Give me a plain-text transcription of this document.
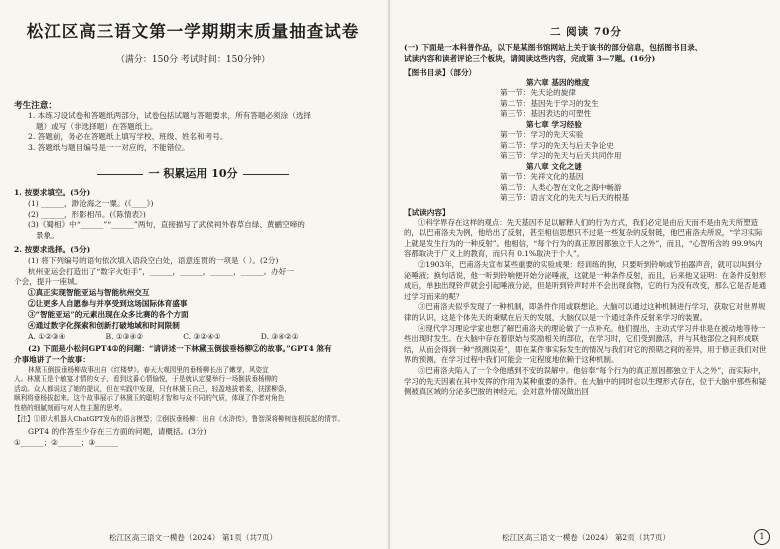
松江区高三语文第一学期期末质量抽查试卷
（满分：150分 考试时间：150分钟）
考生注意：
1. 本练习设试卷和答题纸两部分，试卷包括试题与答题要求，所有答题必须涂（选择
题）或写（非选择题）在答题纸上。
2. 答题前，务必在答题纸上填写学校、班级、姓名和考号。
3. 答题纸与题目编号是一一对应的，不能错位。
一 积累运用 10分
1. 按要求填空。(5分)
(1) ______，渺沧海之一粟。(《____》)
(2) ______，形影相吊。(《陈情表》)
(3)《蜀相》中“______”“______”两句，直接描写了武侯祠外春草自绿、黄鹂空啼的
景象。
2. 按要求选择。(5分)
(1) 将下列编号的语句依次填入语段空白处，语意连贯的一项是（ ）。(2分)
杭州亚运会打造出了“数字火炬手”，______，______，______，______。办好一
个会，提升一座城。
①真正实现智能亚运与智能杭州交互
②让更多人自愿参与并享受到这场国际体育盛事
③“智能亚运”的元素出现在众多比赛的各个方面
④通过数字化探索和创新打破地域和时间限制
A. ①②③④	B. ①③④②	C. ③②④①	D. ③④②①
(2) 下面是小松问GPT4①的问题：“请讲述一下林黛玉倒拔垂杨柳②的故事。”GPT4 煞有
介事地讲了一个故事：
林黛玉倒拔垂杨柳故事出自《红楼梦》。春天大观园里的垂杨柳长出了嫩芽，风姿宜
人。林黛玉是个敏宴才情的女子，看到这番心情愉悦，于是就认定要举行一场倒拔垂杨柳的
活动。众人都说这了她的提议，但在实践中发现，只有林黛玉自己，轻盈地拔着柔，扶摆柳条，
顺利将垂杨拔起来。这个故事展示了林黛玉的聪明才智和与众不同的气质，体现了作者对角色
性格的细腻刻画与对人性主题的思考。
【注】①即大机器人ChatGPT发布的语言模型；②倒拔垂杨柳：出自《水浒传》，鲁智深将柳树连根拔起的情节。
GPT4 的作答至少存在三方面的问题，请概括。(3分)
①______；②______；③______
松江区高三语文一模卷（2024） 第1页（共7页）
二 阅读 70分
(一) 下面是一本科普作品，以下是某图书馆网站上关于该书的部分信息，包括图书目录、
试读内容和读者评论三个板块，请阅读这些内容，完成第 3—7题。(16分)
【图书目录】（部分）
第六章 基因的维度
第一节：先天论的旋律
第二节：基因先于学习的发生
第三节：基因表达的可塑性
第七章 学习经验
第一节：学习的先天实验
第二节：学习的先天与后天争论史
第三节：学习的先天与后天共同作用
第八章 文化之谜
第一节：先祥文化的基因
第二节：人类心智在文化之海中畅游
第三节：语言文化的先天与后天的根基
【试读内容】
①科学界存在这样的观点：先天基因不足以解释人们的行为方式，我们必定是由后天而不是由先天所塑造的，以巴甫洛夫为例，他给出了反射，甚至相信思想只不过是一些复杂的反射链，他巴甫洛夫所说，“学习实际上就是发生行为的一种反射”。他相信，“每个行为的真正原因都独立于人之外”，而且，“心智所含的 99.9%内容都取决于广义上的教育，而只有 0.1%取决于个人”。
②1903年，巴甫洛夫宣布某些重要的实验成果：经训练的狗，只要听到铃响或节拍器声音，就可以叫到分泌唾液；换句话说，他一听到铃响便开始分泌唾液，这就是一种条件反射，而且，后来他又证明：在条件反射形成后，单独出现铃声就会引起唾液分泌，但是听到铃声时并不会出现食物，它的行为没有改变，那么它是否是通过学习而来的呢？
③巴甫洛夫似乎发现了一种机制，即条件作用或联想论。大脑可以通过这种机制进行学习，获取它对世界规律的认识，这是个体先天的秉赋在后天的发展，大脑仅以是一个通过条件反射来学习的装置。
④现代学习理论学家也想了解巴甫洛夫的理论做了一点补充。他们提出，主动式学习并非是在被动地等待一些出现时发生。在大脑中存在着原始与奖励相关的部位，在学习时，它们受到激活，并与其他部位之间形成联结，从而会得到一种“预测误差”，即在某件事实际发生的情况与我们对它的预期之间的差异，用于修正我们对世界的预测，在学习过程中我们可能会一定程度地依赖于这种机制。
⑤巴甫洛夫陷入了一个令他感到不安的误解中。他信奉“每个行为的真正原因都独立于人之外”，而实际中，学习的先天因素在其中发挥的作用为某种重要的条件。在大脑中的同时也以生理形式存在，位于大脑中那些和疑侧被真区域的分泌多巴胺的神经元，会对意外情况做出回
松江区高三语文一模卷（2024） 第2页（共7页）	1
